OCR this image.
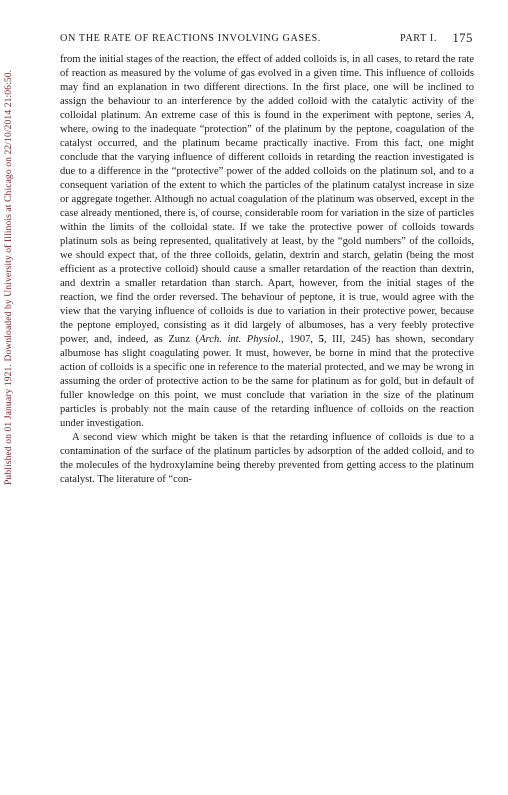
Published on 01 January 1921. Downloaded by University of Illinois at Chicago on 22/10/2014 21:06:50.
ON THE RATE OF REACTIONS INVOLVING GASES.	PART I. 175

from the initial stages of the reaction, the effect of added colloids is, in all cases, to retard the rate of reaction as measured by the volume of gas evolved in a given time. This influence of colloids may find an explanation in two different directions. In the first place, one will be inclined to assign the behaviour to an interference by the added colloid with the catalytic activity of the colloidal platinum. An extreme case of this is found in the experiment with peptone, series A, where, owing to the inadequate “protection” of the platinum by the peptone, coagulation of the catalyst occurred, and the platinum became practically inactive. From this fact, one might conclude that the varying influence of different colloids in retarding the reaction investigated is due to a difference in the “protective” power of the added colloids on the platinum sol, and to a consequent variation of the extent to which the particles of the platinum catalyst increase in size or aggregate together. Although no actual coagulation of the platinum was observed, except in the case already mentioned, there is, of course, considerable room for variation in the size of particles within the limits of the colloidal state. If we take the protective power of colloids towards platinum sols as being represented, qualitatively at least, by the “gold numbers” of the colloids, we should expect that, of the three colloids, gelatin, dextrin and starch, gelatin (being the most efficient as a protective colloid) should cause a smaller retardation of the reaction than dextrin, and dextrin a smaller retardation than starch. Apart, however, from the initial stages of the reaction, we find the order reversed. The behaviour of peptone, it is true, would agree with the view that the varying influence of colloids is due to variation in their protective power, because the peptone employed, consisting as it did largely of albumoses, has a very feebly protective power, and, indeed, as Zunz (Arch. int. Physiol., 1907, 5, III, 245) has shown, secondary albumose has slight coagulating power. It must, however, be borne in mind that the protective action of colloids is a specific one in reference to the material protected, and we may be wrong in assuming the order of protective action to be the same for platinum as for gold, but in default of fuller knowledge on this point, we must conclude that variation in the size of the platinum particles is probably not the main cause of the retarding influence of colloids on the reaction under investigation.

A second view which might be taken is that the retarding influence of colloids is due to a contamination of the surface of the platinum particles by adsorption of the added colloid, and to the molecules of the hydroxylamine being thereby prevented from getting access to the platinum catalyst. The literature of “con-
